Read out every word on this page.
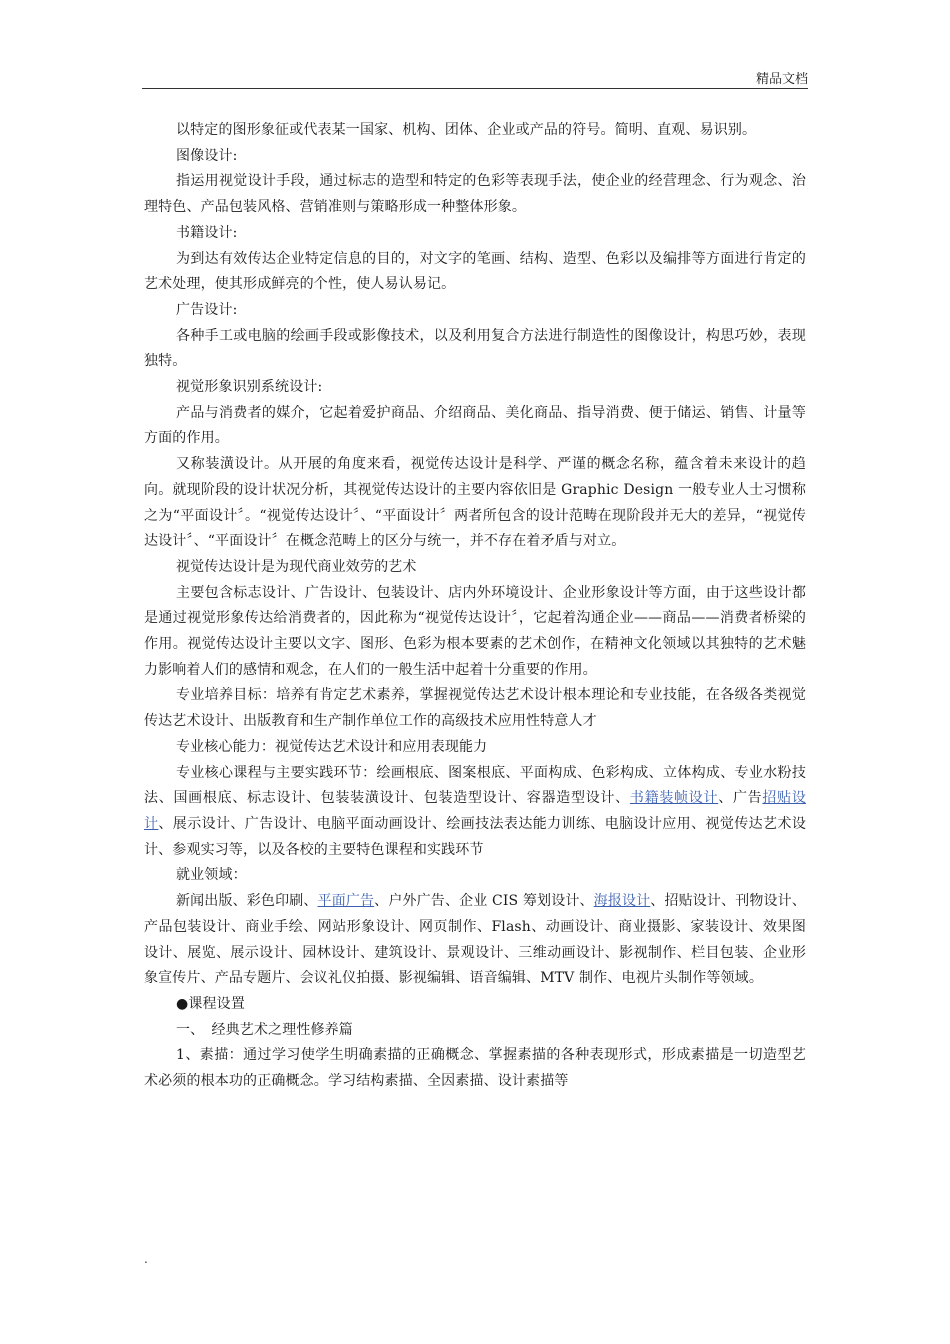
精品文档

以特定的图形象征或代表某一国家、机构、团体、企业或产品的符号。简明、直观、易识别。

图像设计:

指运用视觉设计手段，通过标志的造型和特定的色彩等表现手法，使企业的经营理念、行为观念、治理特色、产品包装风格、营销准则与策略形成一种整体形象。

书籍设计:

为到达有效传达企业特定信息的目的，对文字的笔画、结构、造型、色彩以及编排等方面进行肯定的艺术处理，使其形成鲜亮的个性，使人易认易记。

广告设计:

各种手工或电脑的绘画手段或影像技术，以及利用复合方法进行制造性的图像设计，构思巧妙，表现独特。

视觉形象识别系统设计:

产品与消费者的媒介，它起着爱护商品、介绍商品、美化商品、指导消费、便于储运、销售、计量等方面的作用。

又称装潢设计。从开展的角度来看，视觉传达设计是科学、严谨的概念名称，蕴含着未来设计的趋向。就现阶段的设计状况分析，其视觉传达设计的主要内容依旧是 Graphic Design 一般专业人士习惯称之为“平面设计〞。“视觉传达设计〞、“平面设计〞两者所包含的设计范畴在现阶段并无大的差异，“视觉传达设计〞、“平面设计〞在概念范畴上的区分与统一，并不存在着矛盾与对立。

视觉传达设计是为现代商业效劳的艺术

主要包含标志设计、广告设计、包装设计、店内外环境设计、企业形象设计等方面，由于这些设计都是通过视觉形象传达给消费者的，因此称为“视觉传达设计〞，它起着沟通企业——商品——消费者桥梁的作用。视觉传达设计主要以文字、图形、色彩为根本要素的艺术创作，在精神文化领域以其独特的艺术魅力影响着人们的感情和观念，在人们的一般生活中起着十分重要的作用。

专业培养目标：培养有肯定艺术素养，掌握视觉传达艺术设计根本理论和专业技能，在各级各类视觉传达艺术设计、出版教育和生产制作单位工作的高级技术应用性特意人才

专业核心能力：视觉传达艺术设计和应用表现能力

专业核心课程与主要实践环节：绘画根底、图案根底、平面构成、色彩构成、立体构成、专业水粉技法、国画根底、标志设计、包装装潢设计、包装造型设计、容器造型设计、书籍装帧设计、广告招贴设计、展示设计、广告设计、电脑平面动画设计、绘画技法表达能力训练、电脑设计应用、视觉传达艺术设计、参观实习等，以及各校的主要特色课程和实践环节

就业领域：

新闻出版、彩色印刷、平面广告、户外广告、企业 CIS 筹划设计、海报设计、招贴设计、刊物设计、产品包装设计、商业手绘、网站形象设计、网页制作、Flash、动画设计、商业摄影、家装设计、效果图设计、展览、展示设计、园林设计、建筑设计、景观设计、三维动画设计、影视制作、栏目包装、企业形象宣传片、产品专题片、会议礼仪拍摄、影视编辑、语音编辑、MTV 制作、电视片头制作等领域。

●课程设置

一、　经典艺术之理性修养篇

1、素描：通过学习使学生明确素描的正确概念、掌握素描的各种表现形式，形成素描是一切造型艺术必须的根本功的正确概念。学习结构素描、全因素描、设计素描等

.
